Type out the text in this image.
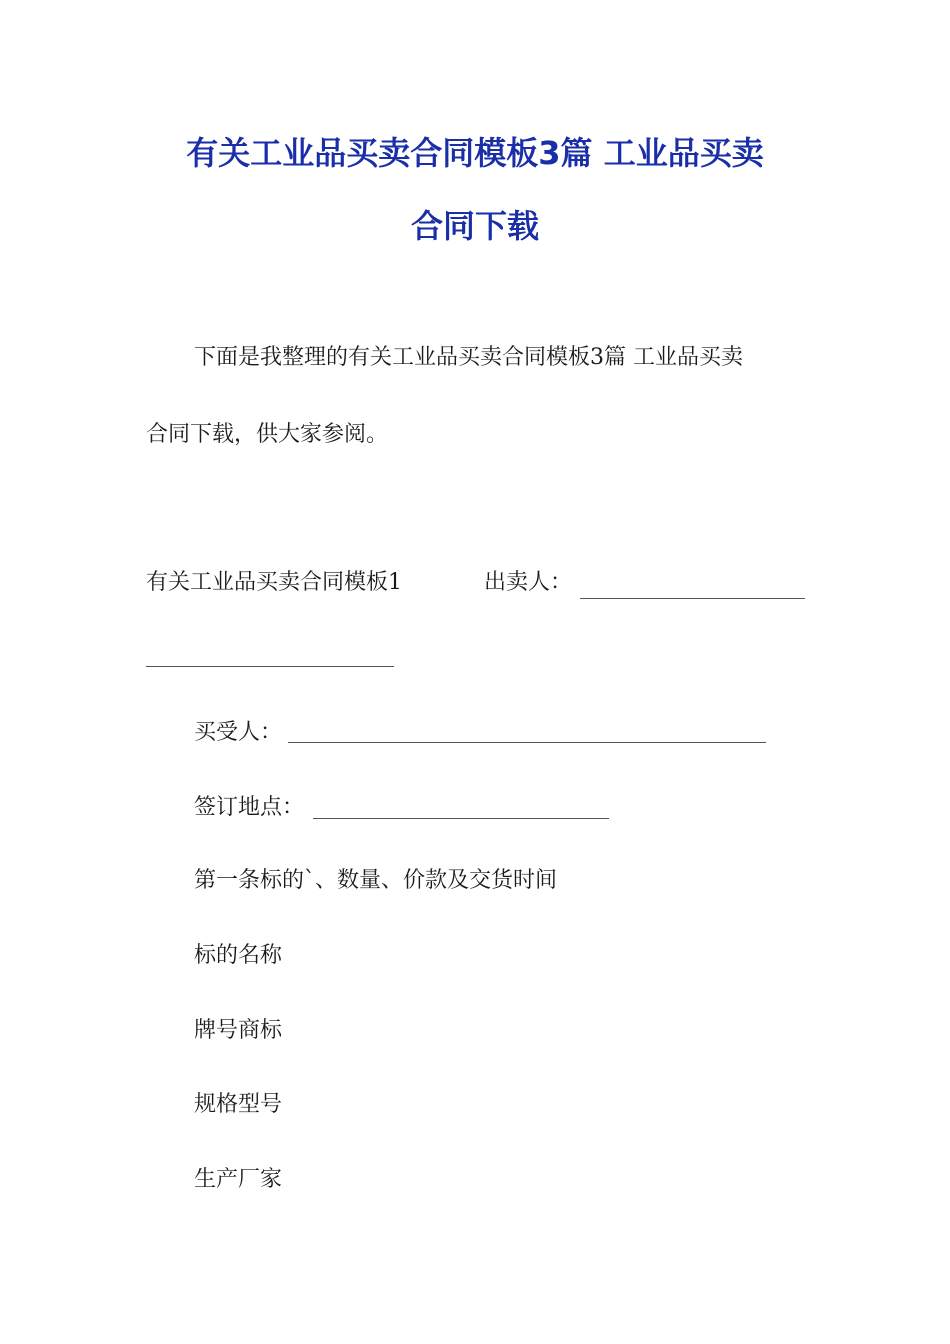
有关工业品买卖合同模板3篇 工业品买卖
合同下载

下面是我整理的有关工业品买卖合同模板3篇 工业品买卖

合同下载，供大家参阅。

有关工业品买卖合同模板1	出卖人：

买受人：

签订地点：

第一条标的`、数量、价款及交货时间

标的名称

牌号商标

规格型号

生产厂家
